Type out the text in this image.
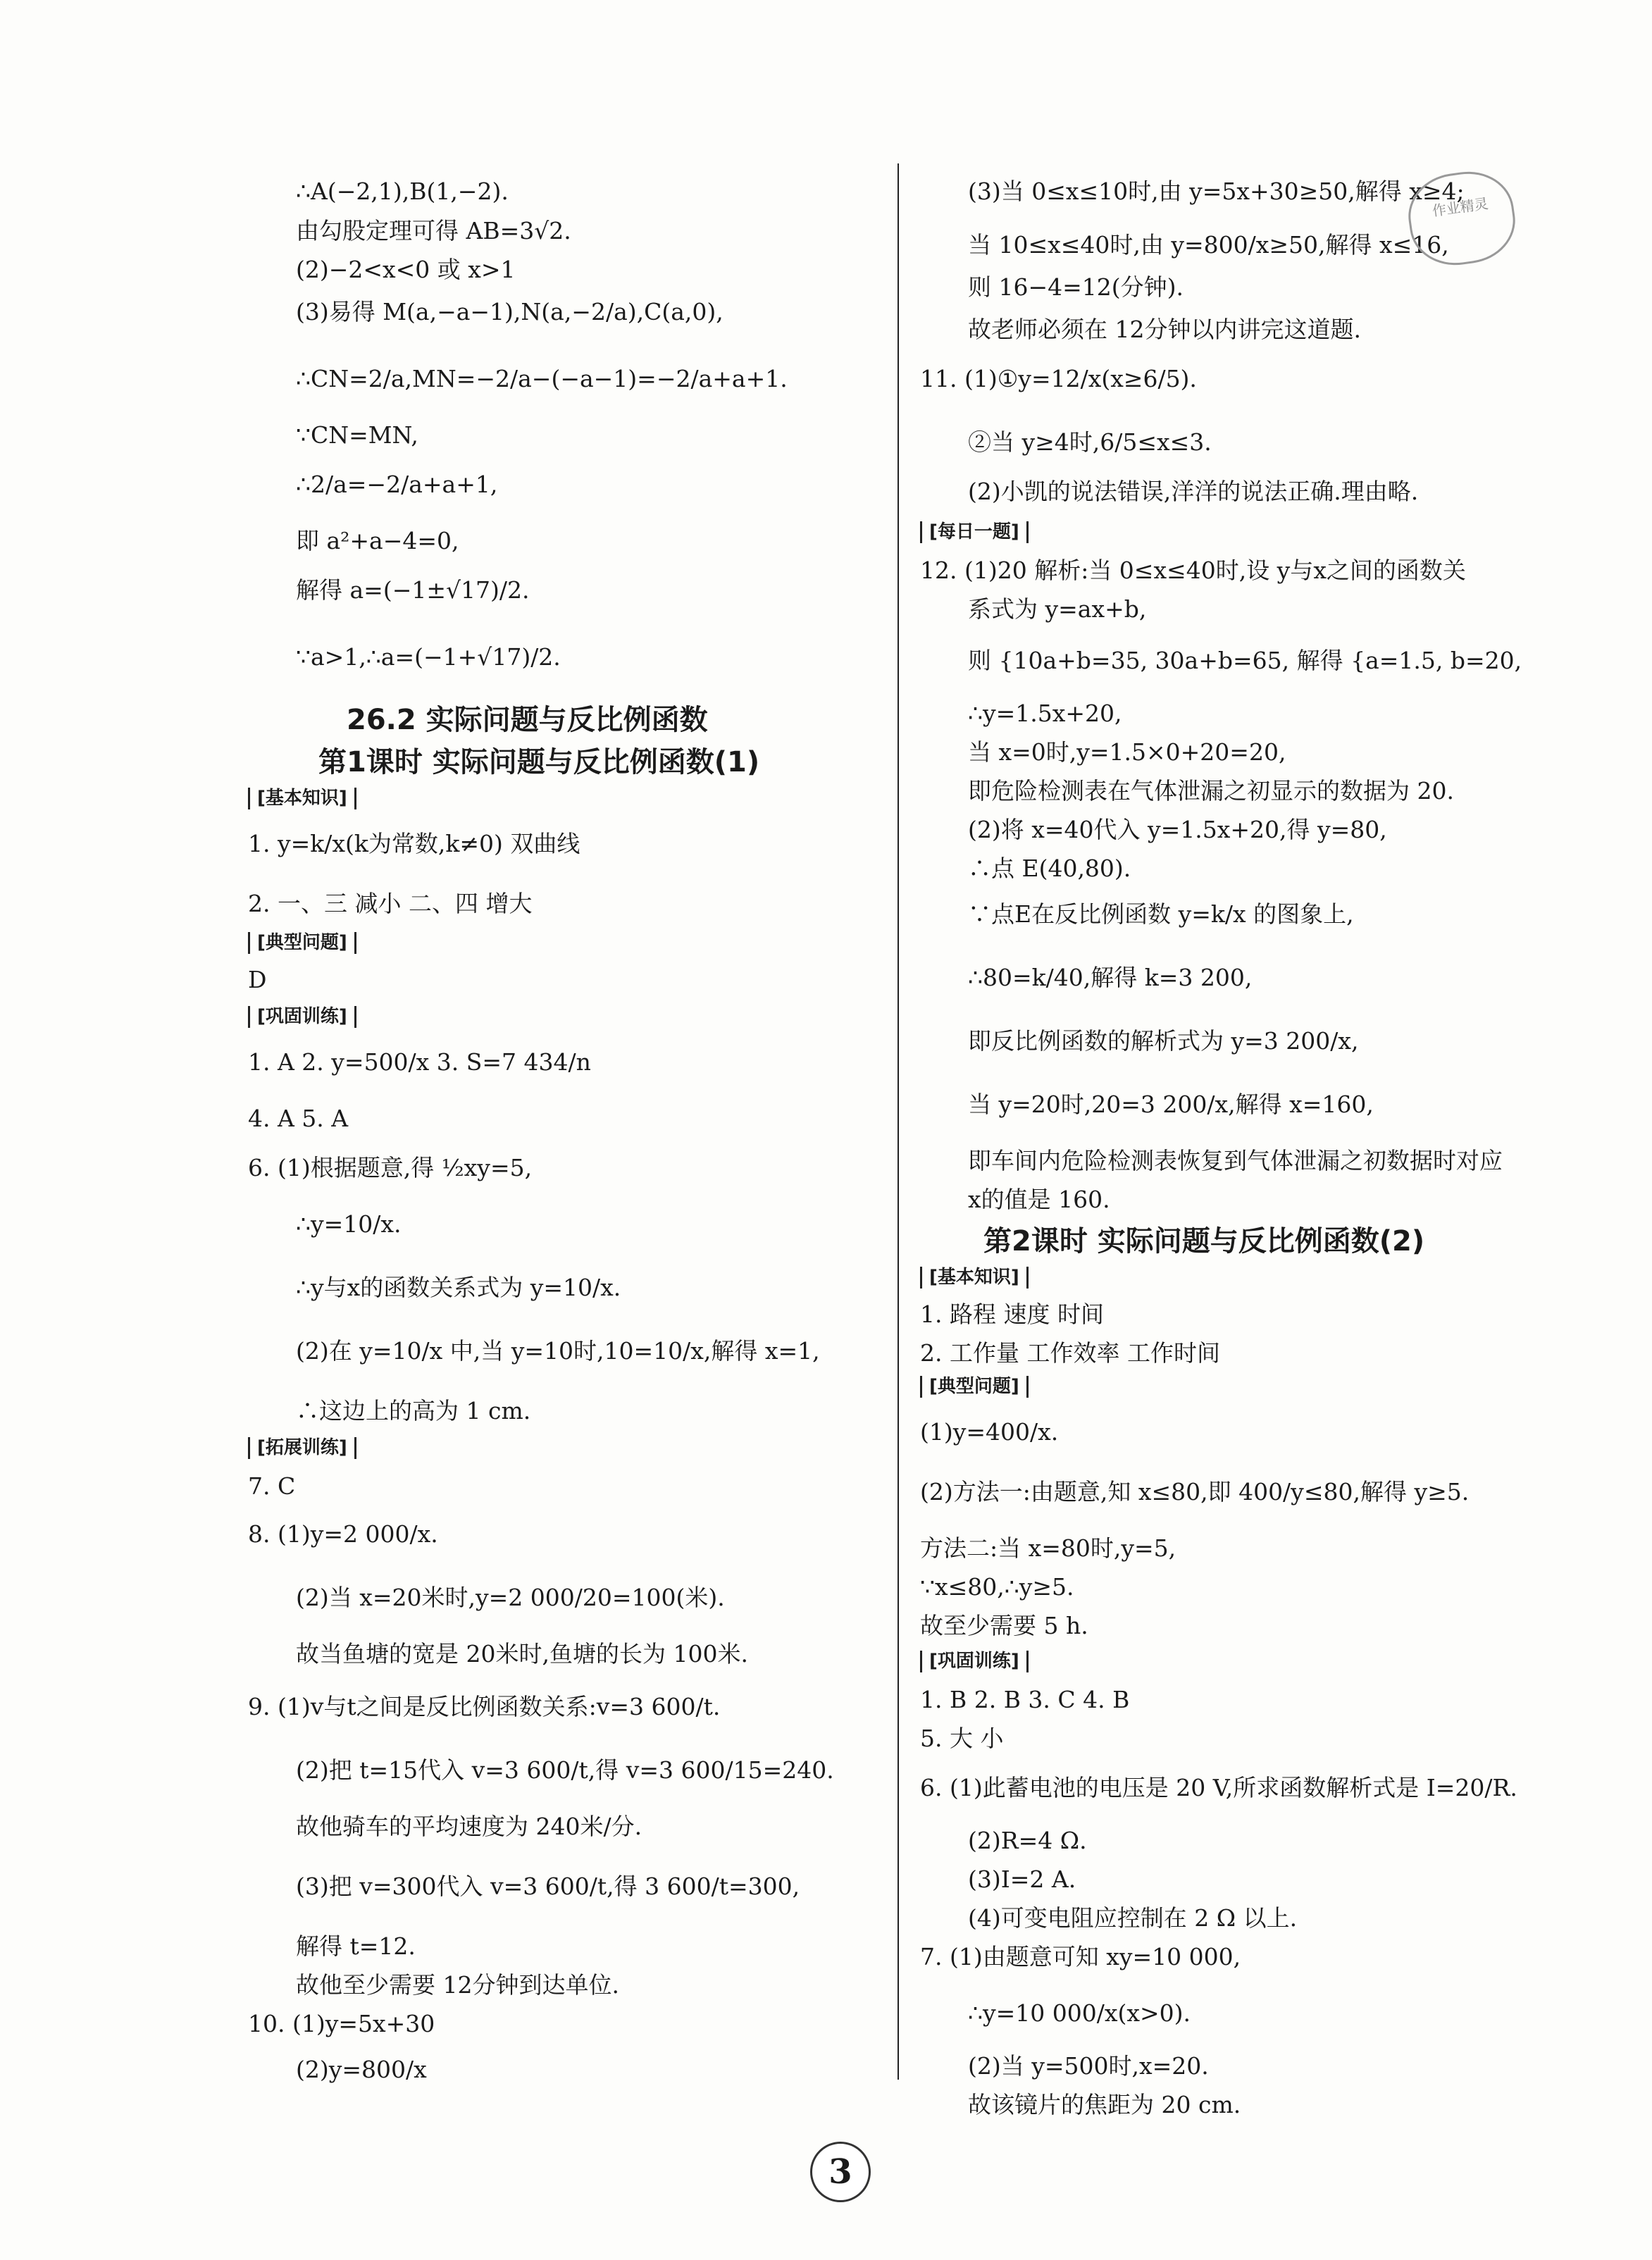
∴A(−2,1),B(1,−2).
由勾股定理可得 AB=3√2.
(2)−2<x<0 或 x>1
(3)易得 M(a,−a−1),N(a,−2/a),C(a,0),
∴CN=2/a,MN=−2/a−(−a−1)=−2/a+a+1.
∵CN=MN,
∴2/a=−2/a+a+1,
即 a²+a−4=0,
解得 a=(−1±√17)/2.
∵a>1,∴a=(−1+√17)/2.
26.2 实际问题与反比例函数
第1课时 实际问题与反比例函数(1)
[基本知识]
1. y=k/x(k为常数,k≠0) 双曲线
2. 一、三 减小 二、四 增大
[典型问题]
D
[巩固训练]
1. A 2. y=500/x 3. S=7 434/n
4. A 5. A
6. (1)根据题意,得 ½xy=5,
∴y=10/x.
∴y与x的函数关系式为 y=10/x.
(2)在 y=10/x 中,当 y=10时,10=10/x,解得 x=1,
∴这边上的高为 1 cm.
[拓展训练]
7. C
8. (1)y=2 000/x.
(2)当 x=20米时,y=2 000/20=100(米).
故当鱼塘的宽是 20米时,鱼塘的长为 100米.
9. (1)v与t之间是反比例函数关系:v=3 600/t.
(2)把 t=15代入 v=3 600/t,得 v=3 600/15=240.
故他骑车的平均速度为 240米/分.
(3)把 v=300代入 v=3 600/t,得 3 600/t=300,
解得 t=12.
故他至少需要 12分钟到达单位.
10. (1)y=5x+30
(2)y=800/x
(3)当 0≤x≤10时,由 y=5x+30≥50,解得 x≥4;
当 10≤x≤40时,由 y=800/x≥50,解得 x≤16,
则 16−4=12(分钟).
故老师必须在 12分钟以内讲完这道题.
11. (1)①y=12/x(x≥6/5).
②当 y≥4时,6/5≤x≤3.
(2)小凯的说法错误,洋洋的说法正确.理由略.
[每日一题]
12. (1)20 解析:当 0≤x≤40时,设 y与x之间的函数关
系式为 y=ax+b,
则 {10a+b=35, 30a+b=65, 解得 {a=1.5, b=20,
∴y=1.5x+20,
当 x=0时,y=1.5×0+20=20,
即危险检测表在气体泄漏之初显示的数据为 20.
(2)将 x=40代入 y=1.5x+20,得 y=80,
∴点 E(40,80).
∵点E在反比例函数 y=k/x 的图象上,
∴80=k/40,解得 k=3 200,
即反比例函数的解析式为 y=3 200/x,
当 y=20时,20=3 200/x,解得 x=160,
即车间内危险检测表恢复到气体泄漏之初数据时对应
x的值是 160.
第2课时 实际问题与反比例函数(2)
[基本知识]
1. 路程 速度 时间
2. 工作量 工作效率 工作时间
[典型问题]
(1)y=400/x.
(2)方法一:由题意,知 x≤80,即 400/y≤80,解得 y≥5.
方法二:当 x=80时,y=5,
∵x≤80,∴y≥5.
故至少需要 5 h.
[巩固训练]
1. B 2. B 3. C 4. B
5. 大 小
6. (1)此蓄电池的电压是 20 V,所求函数解析式是 I=20/R.
(2)R=4 Ω.
(3)I=2 A.
(4)可变电阻应控制在 2 Ω 以上.
7. (1)由题意可知 xy=10 000,
∴y=10 000/x(x>0).
(2)当 y=500时,x=20.
故该镜片的焦距为 20 cm.
作业精灵
3
